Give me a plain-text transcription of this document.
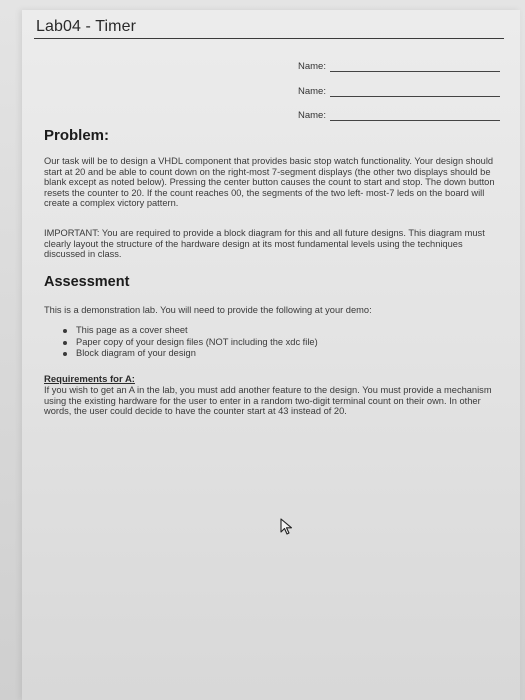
Lab04 - Timer
Name:
Name:
Name:
Problem:

Our task will be to design a VHDL component that provides basic stop watch functionality. Your design should start at 20 and be able to count down on the right-most 7-segment displays (the other two displays should be blank except as noted below). Pressing the center button causes the count to start and stop. The down button resets the counter to 20. If the count reaches 00, the segments of the two left- most-7 leds on the board will create a complex victory pattern.

IMPORTANT: You are required to provide a block diagram for this and all future designs. This diagram must clearly layout the structure of the hardware design at its most fundamental levels using the techniques discussed in class.

Assessment

This is a demonstration lab. You will need to provide the following at your demo:

This page as a cover sheet
Paper copy of your design files (NOT including the xdc file)
Block diagram of your design
Requirements for A:

If you wish to get an A in the lab, you must add another feature to the design. You must provide a mechanism using the existing hardware for the user to enter in a random two-digit terminal count on their own. In other words, the user could decide to have the counter start at 43 instead of 20.
